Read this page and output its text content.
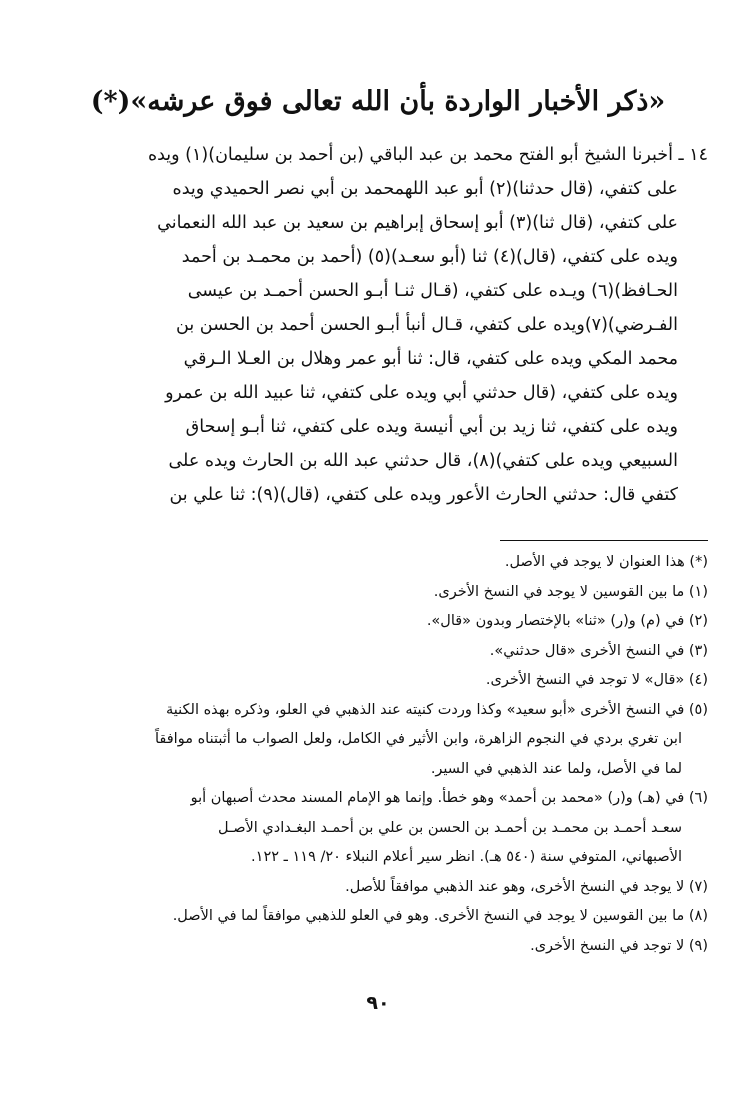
«ذكر الأخبار الواردة بأن الله تعالى فوق عرشه»(*)
١٤ ـ أخبرنا الشيخ أبو الفتح محمد بن عبد الباقي (بن أحمد بن سليمان)(١) ويده
على كتفي، (قال حدثنا)(٢) أبو عبد اللهمحمد بن أبي نصر الحميدي ويده
على كتفي، (قال ثنا)(٣) أبو إسحاق إبراهيم بن سعيد بن عبد الله النعماني
ويده على كتفي، (قال)(٤) ثنا (أبو سعـد)(٥) (أحمد بن محمـد بن أحمد
الحـافظ)(٦) ويـده على كتفي، (قـال ثنـا أبـو الحسن أحمـد بن عيسى
الفـرضي)(٧)ويده على كتفي، قـال أنبأ أبـو الحسن أحمد بن الحسن بن
محمد المكي ويده على كتفي، قال: ثنا أبو عمر وهلال بن العـلا الـرقي
ويده على كتفي، (قال حدثني أبي ويده على كتفي، ثنا عبيد الله بن عمرو
ويده على كتفي، ثنا زيد بن أبي أنيسة ويده على كتفي، ثنا أبـو إسحاق
السبيعي ويده على كتفي)(٨)، قال حدثني عبد الله بن الحارث ويده على
كتفي قال: حدثني الحارث الأعور ويده على كتفي، (قال)(٩): ثنا علي بن
(*) هذا العنوان لا يوجد في الأصل.
(١) ما بين القوسين لا يوجد في النسخ الأخرى.
(٢) في (م) و(ر) «ثنا» بالإختصار وبدون «قال».
(٣) في النسخ الأخرى «قال حدثني».
(٤) «قال» لا توجد في النسخ الأخرى.
(٥) في النسخ الأخرى «أبو سعيد» وكذا وردت كنيته عند الذهبي في العلو، وذكره بهذه الكنية
ابن تغري بردي في النجوم الزاهرة، وابن الأثير في الكامل، ولعل الصواب ما أثبتناه موافقاً
لما في الأصل، ولما عند الذهبي في السير.
(٦) في (هـ) و(ر) «محمد بن أحمد» وهو خطأ. وإنما هو الإمام المسند محدث أصبهان أبو
سعـد أحمـد بن محمـد بن أحمـد بن الحسن بن علي بن أحمـد البغـدادي الأصـل
الأصبهاني، المتوفي سنة (٥٤٠ هـ). انظر سير أعلام النبلاء ٢٠/ ١١٩ ـ ١٢٢.
(٧) لا يوجد في النسخ الأخرى، وهو عند الذهبي موافقاً للأصل.
(٨) ما بين القوسين لا يوجد في النسخ الأخرى. وهو في العلو للذهبي موافقاً لما في الأصل.
(٩) لا توجد في النسخ الأخرى.
٩٠
